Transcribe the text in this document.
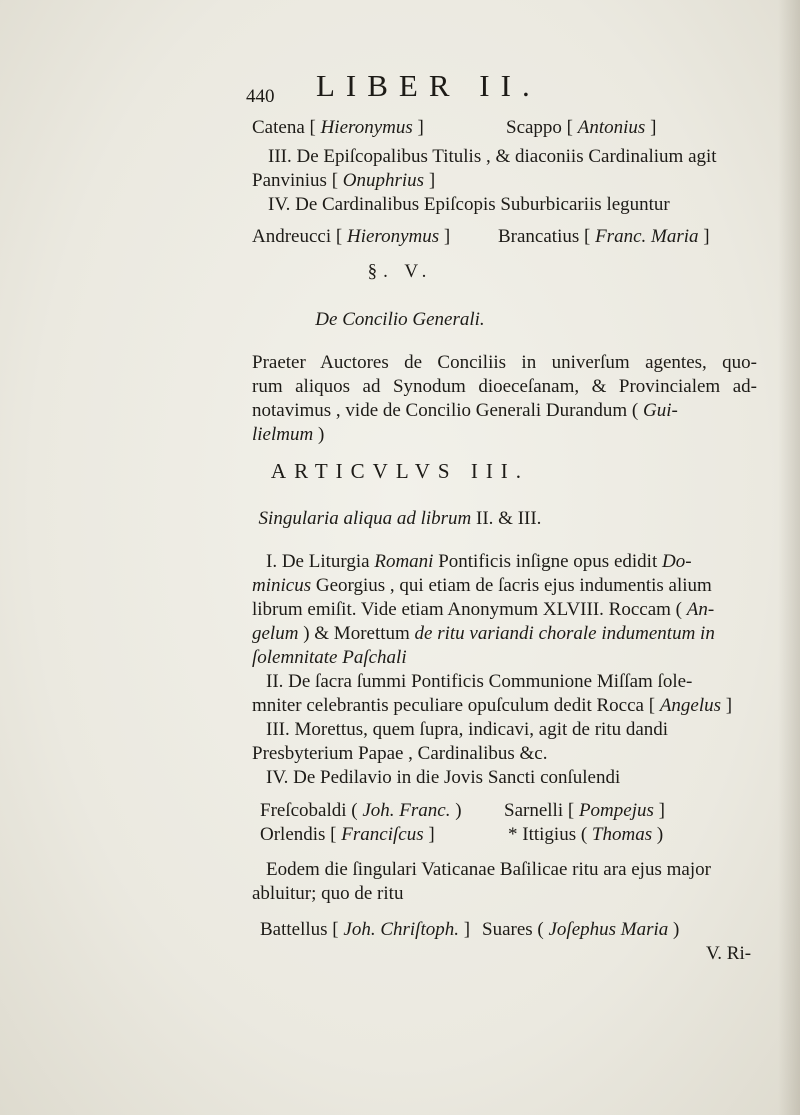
440 LIBER II.
Catena [ Hieronymus ]	Scappo [ Antonius ]
III. De Epiſcopalibus Titulis , & diaconiis Cardinalium agit
Panvinius [ Onuphrius ]
IV. De Cardinalibus Epiſcopis Suburbicariis leguntur
Andreucci [ Hieronymus ]	Brancatius [ Franc. Maria ]
§. V.
De Concilio Generali.
Praeter Auctores de Conciliis in univerſum agentes, quo-
rum aliquos ad Synodum dioeceſanam, & Provincialem ad-
notavimus , vide de Concilio Generali Durandum ( Gui-
lielmum )
ARTICVLVS III.
Singularia aliqua ad librum II. & III.
I. De Liturgia Romani Pontificis inſigne opus edidit Do-
minicus Georgius , qui etiam de ſacris ejus indumentis alium
librum emiſit. Vide etiam Anonymum XLVIII. Roccam ( An-
gelum ) & Morettum de ritu variandi chorale indumentum in
ſolemnitate Paſchali
II. De ſacra ſummi Pontificis Communione Miſſam ſole-
mniter celebrantis peculiare opuſculum dedit Rocca [ Angelus ]
III. Morettus, quem ſupra, indicavi, agit de ritu dandi
Presbyterium Papae , Cardinalibus &c.
IV. De Pedilavio in die Jovis Sancti conſulendi
Freſcobaldi ( Joh. Franc. ) Sarnelli [ Pompejus ]
Orlendis [ Franciſcus ]	* Ittigius ( Thomas )
Eodem die ſingulari Vaticanae Baſilicae ritu ara ejus major
abluitur; quo de ritu
Battellus [ Joh. Chriſtoph. ] Suares ( Joſephus Maria )
V. Ri-
